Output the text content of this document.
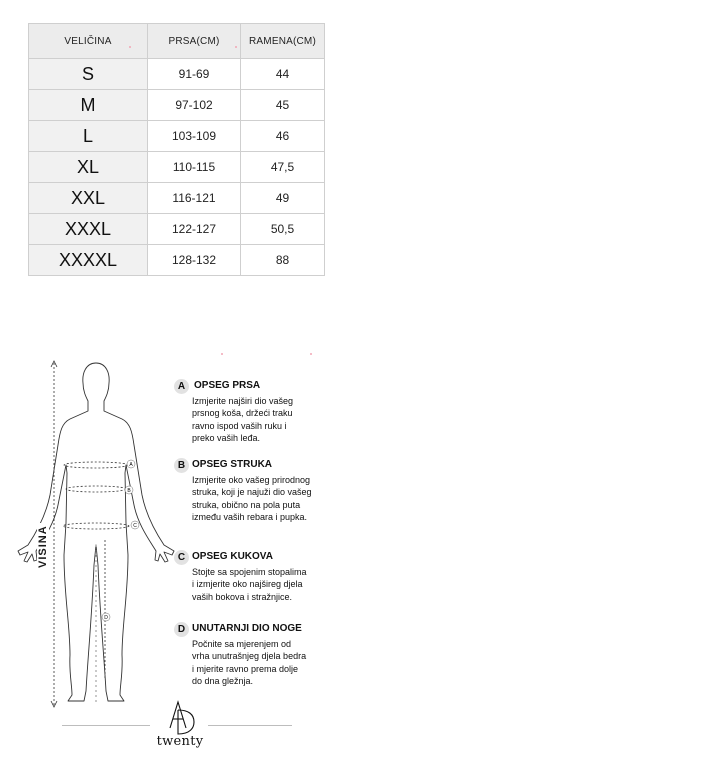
VELIČINA	PRSA(CM)	RAMENA(CM)
S	91-69	44
M	97-102	45
L	103-109	46
XL	110-115	47,5
XXL	116-121	49
XXXL	122-127	50,5
XXXXL	128-132	88
A
B
C
D
VISINA
A OPSEG PRSA
Izmjerite najširi dio vašeg
prsnog koša, držeći traku
ravno ispod vaših ruku i
preko vaših leđa.
B OPSEG STRUKA
Izmjerite oko vašeg prirodnog
struka, koji je najuži dio vašeg
struka, obično na pola puta
između vaših rebara i pupka.
C OPSEG KUKOVA
Stojte sa spojenim stopalima
i izmjerite oko najšireg djela
vaših bokova i stražnjice.
D UNUTARNJI DIO NOGE
Počnite sa mjerenjem od
vrha unutrašnjeg djela bedra
i mjerite ravno prema dolje
do dna gležnja.
twenty
